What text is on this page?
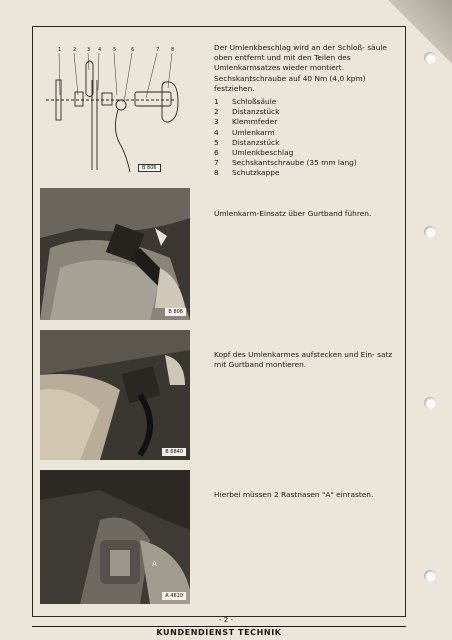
1 2 3 4 5	6	7 8
B 806
Der Umlenkbeschlag wird an der Schloß- säule oben entfernt und mit den Teilen des Umlenkarmsatzes wieder montiert. Sechskantschraube auf 40 Nm (4,0 kpm) festziehen.
1	Schloßsäule
2	Distanzstück
3	Klemmfeder
4	Umlenkarm
5	Distanzstück
6	Umlenkbeschlag
7	Sechskantschraube (35 mm lang)
8	Schutzkappe
B 806
Umlenkarm-Einsatz über Gurtband führen.
B 6840
Kopf des Umlenkarmes aufstecken und Ein- satz mit Gurtband montieren.
A
A 4610
Hierbei müssen 2 Rastnasen "A" einrasten.
- 2 -
KUNDENDIENST TECHNIK
